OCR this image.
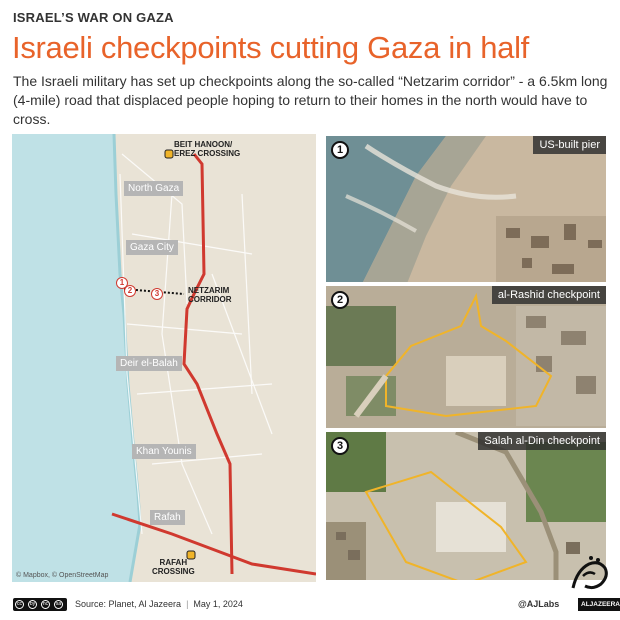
ISRAEL’S WAR ON GAZA
Israeli checkpoints cutting Gaza in half
The Israeli military has set up checkpoints along the so-called “Netzarim corridor” - a 6.5km long (4-mile) road that displaced people hoping to return to their homes in the north would have to cross.
BEIT HANOON/
EREZ CROSSING
North Gaza
Gaza City
Deir el-Balah
Khan Younis
Rafah
NETZARIM
CORRIDOR
RAFAH
CROSSING
1
2	3
© Mapbox, © OpenStreetMap
1	US-built pier
2	al-Rashid checkpoint
3	Salah al-Din checkpoint
cc	by	nc	sa Source: Planet, Al Jazeera | May 1, 2024	@AJLabs	ALJAZEERA
